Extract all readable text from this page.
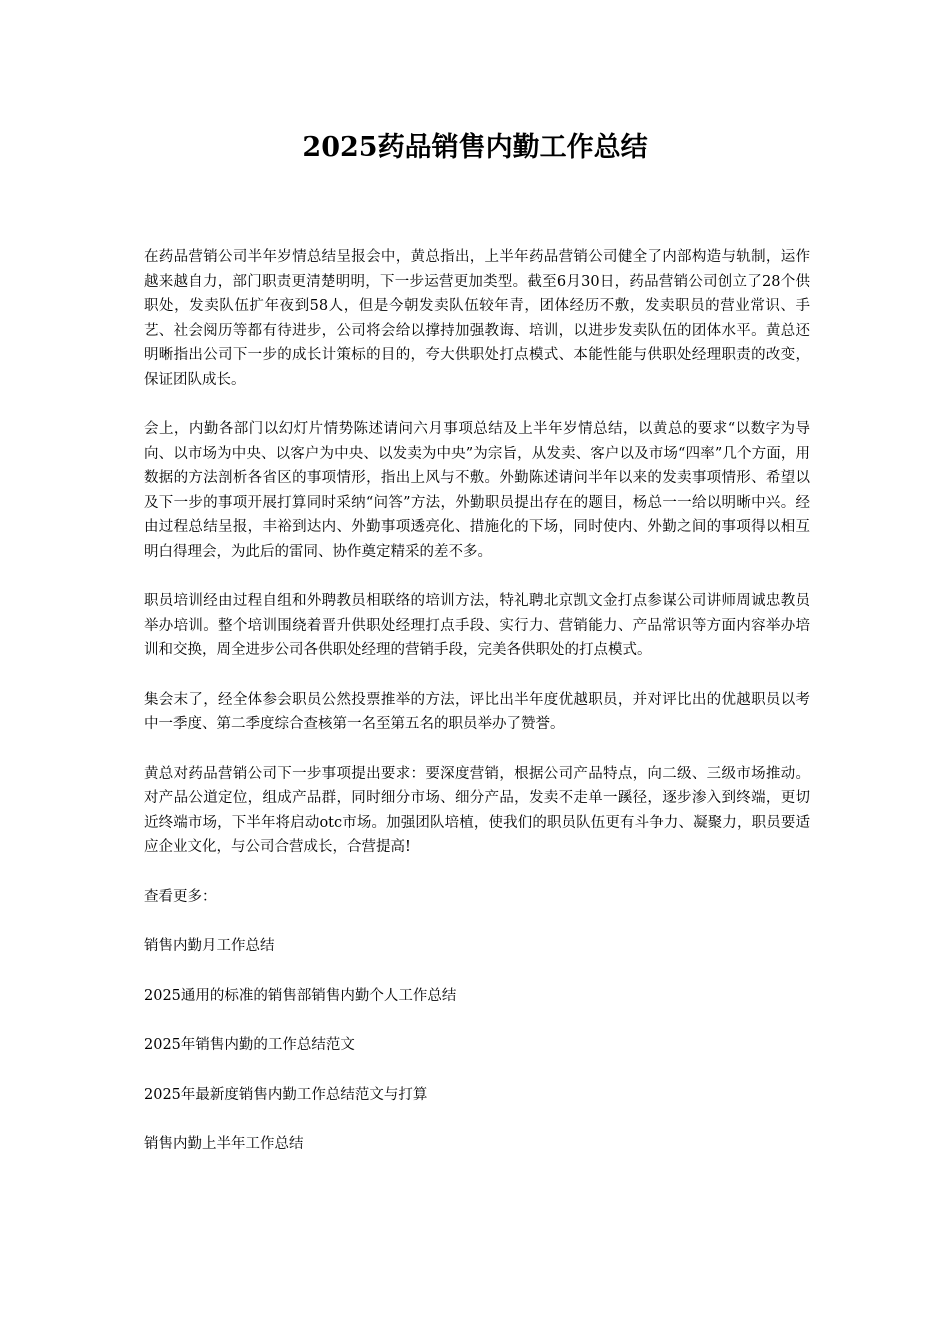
2025药品销售内勤工作总结

在药品营销公司半年岁情总结呈报会中，黄总指出，上半年药品营销公司健全了内部构造与轨制，运作越来越自力，部门职责更清楚明明，下一步运营更加类型。截至6月30日，药品营销公司创立了28个供职处，发卖队伍扩年夜到58人，但是今朝发卖队伍较年青，团体经历不敷，发卖职员的营业常识、手艺、社会阅历等都有待进步，公司将会给以撑持加强教诲、培训，以进步发卖队伍的团体水平。黄总还明晰指出公司下一步的成长计策标的目的，夸大供职处打点模式、本能性能与供职处经理职责的改变，保证团队成长。

会上，内勤各部门以幻灯片情势陈述请问六月事项总结及上半年岁情总结，以黄总的要求“以数字为导向、以市场为中央、以客户为中央、以发卖为中央”为宗旨，从发卖、客户以及市场“四率”几个方面，用数据的方法剖析各省区的事项情形，指出上风与不敷。外勤陈述请问半年以来的发卖事项情形、希望以及下一步的事项开展打算同时采纳“问答”方法，外勤职员提出存在的题目，杨总一一给以明晰中兴。经由过程总结呈报，丰裕到达内、外勤事项透亮化、措施化的下场，同时使内、外勤之间的事项得以相互明白得理会，为此后的雷同、协作奠定精采的差不多。

职员培训经由过程自组和外聘教员相联络的培训方法，特礼聘北京凯文金打点参谋公司讲师周诚忠教员举办培训。整个培训围绕着晋升供职处经理打点手段、实行力、营销能力、产品常识等方面内容举办培训和交换，周全进步公司各供职处经理的营销手段，完美各供职处的打点模式。

集会末了，经全体参会职员公然投票推举的方法，评比出半年度优越职员，并对评比出的优越职员以考中一季度、第二季度综合查核第一名至第五名的职员举办了赞誉。

黄总对药品营销公司下一步事项提出要求：要深度营销，根据公司产品特点，向二级、三级市场推动。对产品公道定位，组成产品群，同时细分市场、细分产品，发卖不走单一蹊径，逐步渗入到终端，更切近终端市场，下半年将启动otc市场。加强团队培植，使我们的职员队伍更有斗争力、凝聚力，职员要适应企业文化，与公司合营成长，合营提高!

查看更多：

销售内勤月工作总结
2025通用的标准的销售部销售内勤个人工作总结
2025年销售内勤的工作总结范文
2025年最新度销售内勤工作总结范文与打算
销售内勤上半年工作总结
